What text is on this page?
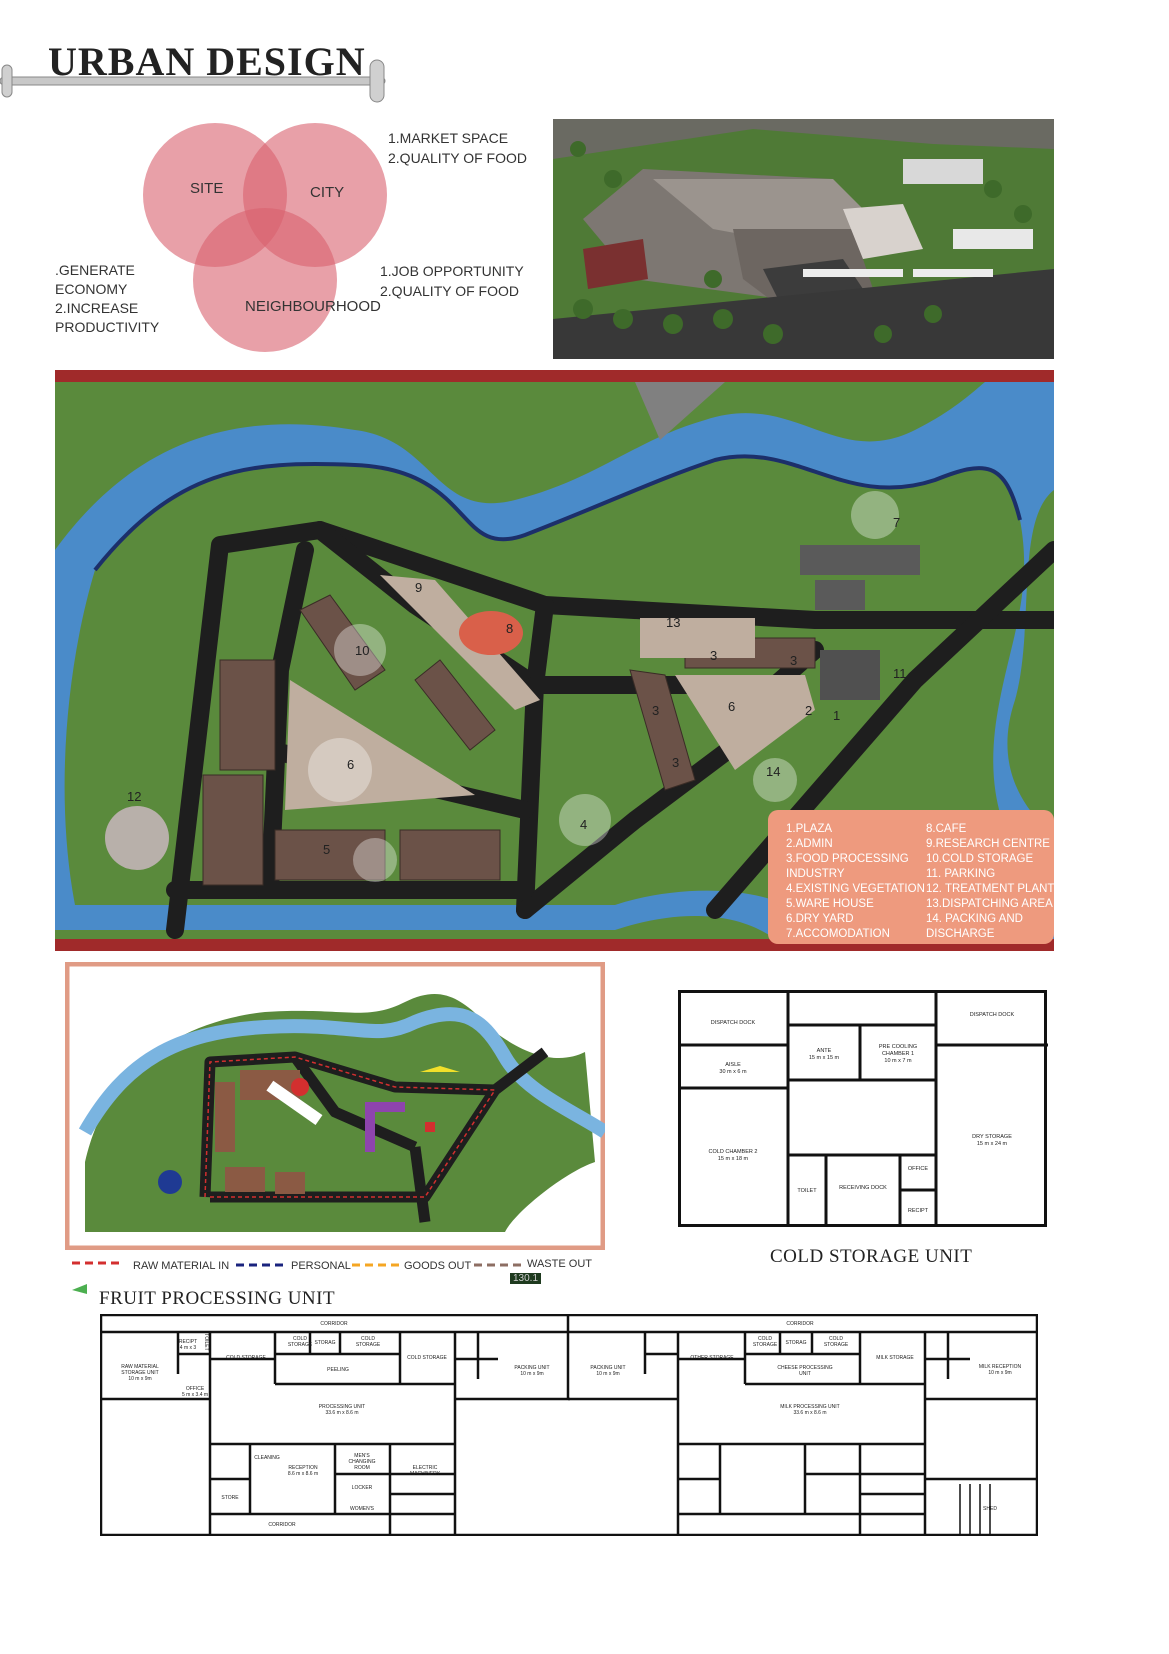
URBAN DESIGN
SITE	CITY
NEIGHBOURHOOD
1.MARKET SPACE
2.QUALITY OF FOOD
1.JOB OPPORTUNITY
2.QUALITY OF FOOD
.GENERATE
ECONOMY
2.INCREASE
PRODUCTIVITY
1
2
3	3
3
3
4
5
6
6
7
8
9
10
11
12
13
14
1.PLAZA
2.ADMIN
3.FOOD PROCESSING
INDUSTRY
4.EXISTING VEGETATION
5.WARE HOUSE
6.DRY YARD
7.ACCOMODATION
8.CAFE
9.RESEARCH CENTRE
10.COLD STORAGE
11. PARKING
12. TREATMENT PLANT
13.DISPATCHING AREA
14. PACKING AND
DISCHARGE
RAW MATERIAL IN	PERSONAL	GOODS OUT	WASTE OUT
130.1
DISPATCH DOCK
DISPATCH DOCK
AISLE
30 m x 6 m
ANTE
15 m x 15 m
PRE COOLING
CHAMBER 1
10 m x 7 m
COLD CHAMBER 2
15 m x 18 m
DRY STORAGE
15 m x 24 m
OFFICE
TOILET	RECEIVING DOCK
RECIPT
COLD STORAGE UNIT
FRUIT PROCESSING UNIT
CORRIDOR
RAW MATERIAL
STORAGE UNIT
10 m x 9m
RECIPT
4 m x 3 TOILET
COLD STORAGE
COLD
STORAGE STORAG
COLD
STORAGE
PEELING
COLD STORAGE
OFFICE
5 m x 3.4 m
PROCESSING UNIT
33.6 m x 8.6 m
PACKING UNIT
10 m x 9m
CLEANING
RECEPTION
8.6 m x 8.6 m
MEN'S
CHANGING
ROOM	ELECTRIC
MACHINERY
STORE
LOCKER
WOMEN'S
CORRIDOR
CORRIDOR
PACKING UNIT
10 m x 9m
OTHER STORAGE
COLD
STORAGE STORAG
COLD
STORAGE
CHEESE PROCESSING
UNIT
MILK STORAGE
MILK RECEPTION
10 m x 9m
MILK PROCESSING UNIT
33.6 m x 8.6 m
SHED
